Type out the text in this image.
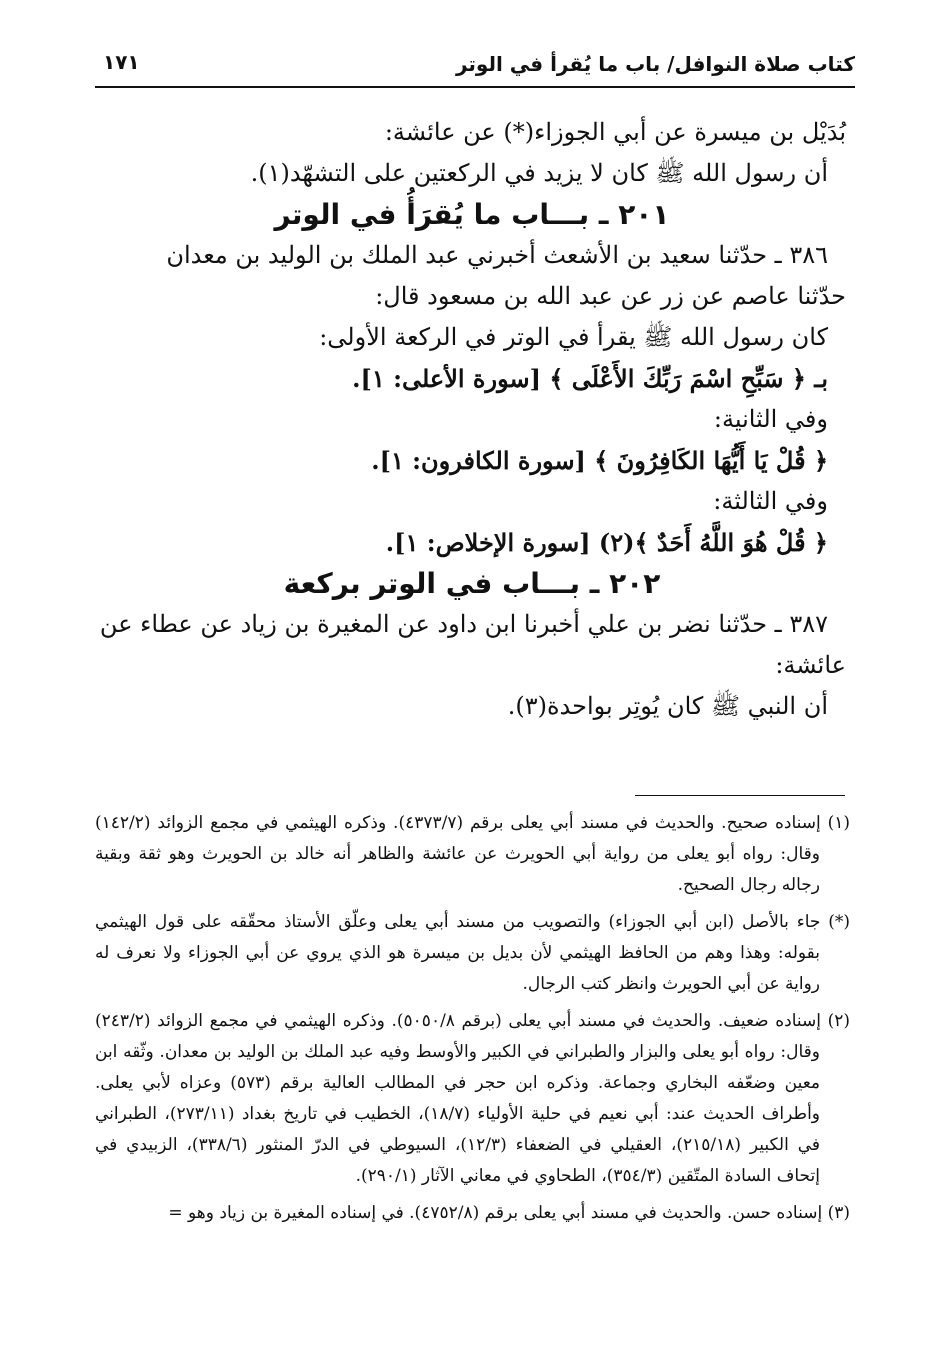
كتاب صلاة النوافل/ باب ما يُقرأ في الوتر
١٧١

بُدَيْل بن ميسرة عن أبي الجوزاء(*) عن عائشة:

أن رسول الله ﷺ كان لا يزيد في الركعتين على التشهّد(١).

٢٠١ ـ بـــاب ما يُقرَأُ في الوتر

٣٨٦ ـ حدّثنا سعيد بن الأشعث أخبرني عبد الملك بن الوليد بن معدان

حدّثنا عاصم عن زر عن عبد الله بن مسعود قال:

كان رسول الله ﷺ يقرأ في الوتر في الركعة الأولى:

بـ ﴿ سَبِّحِ اسْمَ رَبِّكَ الأَعْلَى ﴾ [سورة الأعلى: ١].

وفي الثانية:

﴿ قُلْ يَا أَيُّهَا الكَافِرُونَ ﴾ [سورة الكافرون: ١].

وفي الثالثة:

﴿ قُلْ هُوَ اللَّهُ أَحَدٌ ﴾(٢) [سورة الإخلاص: ١].

٢٠٢ ـ بـــاب في الوتر بركعة

٣٨٧ ـ حدّثنا نضر بن علي أخبرنا ابن داود عن المغيرة بن زياد عن عطاء عن

عائشة:

أن النبي ﷺ كان يُوتِر بواحدة(٣).

(١) إسناده صحيح. والحديث في مسند أبي يعلى برقم (٤٣٧٣/٧). وذكره الهيثمي في مجمع الزوائد (١٤٢/٢) وقال: رواه أبو يعلى من رواية أبي الحويرث عن عائشة والظاهر أنه خالد بن الحويرث وهو ثقة وبقية رجاله رجال الصحيح.

(*) جاء بالأصل (ابن أبي الجوزاء) والتصويب من مسند أبي يعلى وعلّق الأستاذ محقّقه على قول الهيثمي بقوله: وهذا وهم من الحافظ الهيثمي لأن بديل بن ميسرة هو الذي يروي عن أبي الجوزاء ولا نعرف له رواية عن أبي الحويرث وانظر كتب الرجال.

(٢) إسناده ضعيف. والحديث في مسند أبي يعلى (برقم ٥٠٥٠/٨). وذكره الهيثمي في مجمع الزوائد (٢٤٣/٢) وقال: رواه أبو يعلى والبزار والطبراني في الكبير والأوسط وفيه عبد الملك بن الوليد بن معدان. وثّقه ابن معين وضعّفه البخاري وجماعة. وذكره ابن حجر في المطالب العالية برقم (٥٧٣) وعزاه لأبي يعلى. وأطراف الحديث عند: أبي نعيم في حلية الأولياء (١٨/٧)، الخطيب في تاريخ بغداد (٢٧٣/١١)، الطبراني في الكبير (٢١٥/١٨)، العقيلي في الضعفاء (١٢/٣)، السيوطي في الدرّ المنثور (٣٣٨/٦)، الزبيدي في إتحاف السادة المتّقين (٣٥٤/٣)، الطحاوي في معاني الآثار (٢٩٠/١).

(٣) إسناده حسن. والحديث في مسند أبي يعلى برقم (٤٧٥٢/٨). في إسناده المغيرة بن زياد وهو =
